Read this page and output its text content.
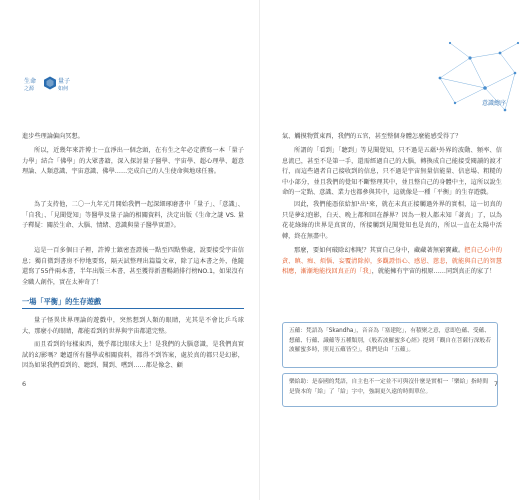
生命
之源
量子
如何
進步些理論偏向冥想。
所以，近幾年來許博士一直淨出一個念頭，在有生之年必定撰寫一本「量子力學」結合「佛學」的大眾書籍，深入探討量子醫學、宇宙學、超心理學、超意理論、人類意識、宇宙意識、佛學……完成自己的人生使命與地球任務。
為了支持他，二〇一九年元月開始我們一起深細琢磨書中「量子」、「意識」、「自我」、「見聞覺知」等醫學及量子論的相關資料，決定出版《生命之謎 VS. 量子釋疑：關於生命、大腦、情緒、意識與量子醫學實證》。
這是一百多個日子裡，許博士鎮密查證後一點至四點整處，說要接受宇宙信息；獨自微到書房不停地要寫，隔天試整理出篇篇文章，除了這本書之外，他隨還寫了55件兩本書，半年出版三本書，甚至獲得新書暢銷排行榜NO.1，如果沒有全職人創作，實在太神奇了！
一場「平衡」的生存遊戲
量子怪異世界理論的遊戲中，突然想到人類的眼睛，光其是不會比乒乓球大，那麼小的眼睛，都能看到的世界與宇宙都還完整。
而且看到的每樣東西，幾乎都比眼球大上！是我們的大腦意識，是我們真實試的幻影嗎？聽逼所有醫學或相關資料，都得不到答案，處於真的都只是幻影，因為如果我們看到的、聽到、聞到、嚐到……都是像念、顧
6
意識總序
氣、觸摸物質東西，我們的五官，甚至整個身體怎麼能感受得了？
所謂的「看到」「聽到」等見聞覺知，只不過是五蘊¹外界的波動、頻率、信息流已，甚至不是第一手，還需經過自己的大腦，轉換成自己能接受閱讀的渡才行，而這些過者自己接收到的信息，只不過是宇宙無量信能量、信息場、粗糙的中小部分，並且我們的覺知不斷整理其中，並且整自己的身體中主，這所以說生命的一定點、意識、業力也都參與其中，這就像是一種「平衡」的生存遊戲。
因此，我們能憑依給加¹出¹來，就在未真正接觸過外界的實相，這一切真的只是夢幻泡影，白天、晚上都和回在靜界？因為一般人都未知「著真」了，以為花花綠綠的世界是真實的，所接觸到見聞覺知也是真的，所以一直在太陽中活轉，終在無盡中。
那麼，要如何破除幻相呢？其實自己身中，藏藏著無窮寶藏。把自己心中的貪、瞋、痴、煩惱、妄覆清除掉，多觀證悟心、感恩、慈悲，就能與自己的智慧相應，漸漸地能找回真正的「我」，就能擁有宇宙的根原……同到真正的家了！
五蘊：梵語為「Skandha」，音音為「塞建陀」，有積聚之意，意即色蘊、受蘊、想蘊、行蘊、識蘊等五種類別，《般若波羅蜜多心經》提到「觀自在菩薩行深般若波羅蜜多時，照見五蘊皆空」，我們是由「五蘊」。
樂給助：是泰國的梵語，自主也不一定並不可與沒什麼是實相一「樂給」指時間是資本的「給」了「給」字中，強調更久遠的時間單位。
7
